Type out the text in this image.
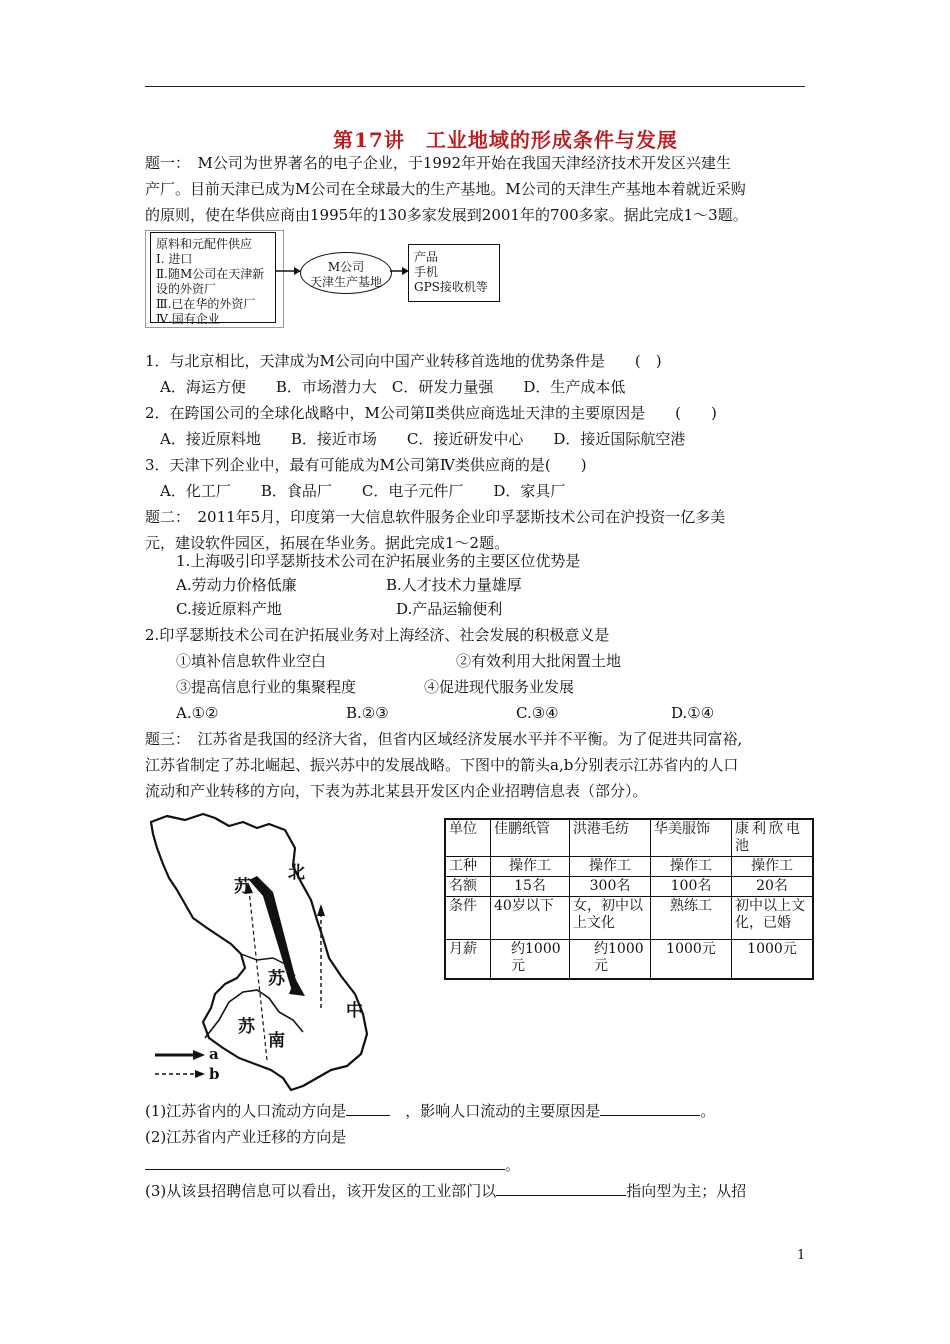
第17讲　工业地域的形成条件与发展
题一：　M公司为世界著名的电子企业，于1992年开始在我国天津经济技术开发区兴建生
产厂。目前天津已成为M公司在全球最大的生产基地。M公司的天津生产基地本着就近采购
的原则，使在华供应商由1995年的130多家发展到2001年的700多家。据此完成1～3题。
原料和元配件供应
Ⅰ. 进口
Ⅱ.随M公司在天津新
设的外资厂
Ⅲ.已在华的外资厂
Ⅳ.国有企业
M公司
天津生产基地
产品
手机
GPS接收机等
1．与北京相比，天津成为M公司向中国产业转移首选地的优势条件是　　(　)
　A．海运方便　　B．市场潜力大　C．研发力量强　　D．生产成本低
2．在跨国公司的全球化战略中，M公司第Ⅱ类供应商选址天津的主要原因是　　(　　)
　A．接近原料地　　B．接近市场　　C．接近研发中心　　D．接近国际航空港
3．天津下列企业中，最有可能成为M公司第Ⅳ类供应商的是(　　)
　A．化工厂　　B．食品厂　　C．电子元件厂　　D．家具厂
题二：　2011年5月，印度第一大信息软件服务企业印孚瑟斯技术公司在沪投资一亿多美
元，建设软件园区，拓展在华业务。据此完成1～2题。
1.上海吸引印孚瑟斯技术公司在沪拓展业务的主要区位优势是
A.劳动力价格低廉	B.人才技术力量雄厚
C.接近原料产地	D.产品运输便利
2.印孚瑟斯技术公司在沪拓展业务对上海经济、社会发展的积极意义是
①填补信息软件业空白	②有效利用大批闲置土地
③提高信息行业的集聚程度	④促进现代服务业发展
A.①②	B.②③	C.③④	D.①④
题三：　江苏省是我国的经济大省，但省内区域经济发展水平并不平衡。为了促进共同富裕,
江苏省制定了苏北崛起、振兴苏中的发展战略。下图中的箭头a,b分别表示江苏省内的人口
流动和产业转移的方向，下表为苏北某县开发区内企业招聘信息表（部分）。
苏
北
苏
中
苏
南
a
b
单位	佳鹏纸管	洪港毛纺	华美服饰	康利欣电池
工种	操作工	操作工	操作工	操作工
名额	15名	300名	100名	20名
条件	40岁以下	女，初中以上文化	熟练工	初中以上文化，已婚
月薪	约1000元	约1000元	1000元	1000元
(1)江苏省内的人口流动方向是　	，影响人口流动的主要原因是	。
(2)江苏省内产业迁移的方向是
。
(3)从该县招聘信息可以看出，该开发区的工业部门以	指向型为主；从招
1
